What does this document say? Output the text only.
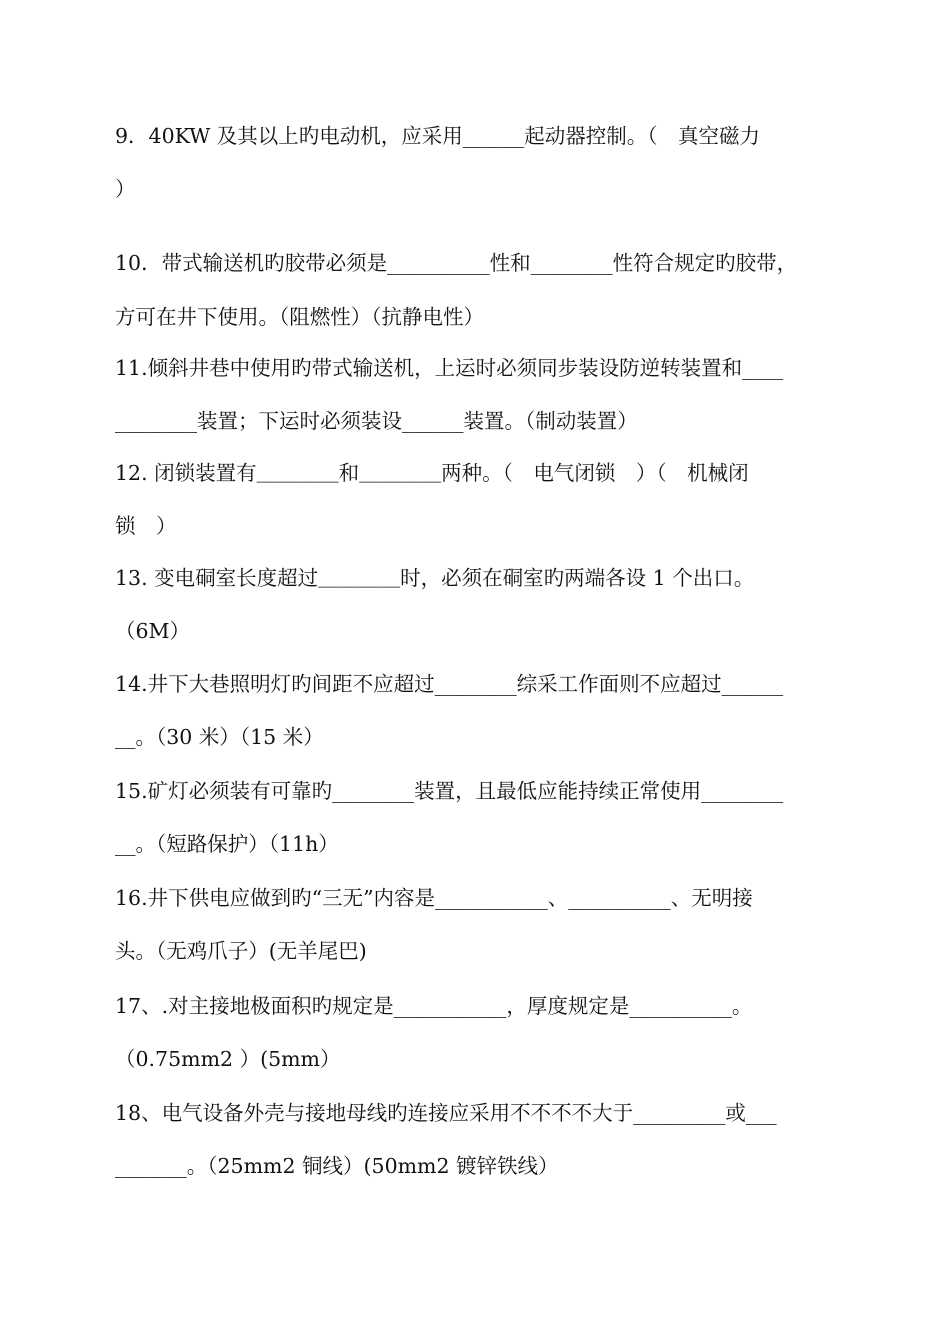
9．40KW 及其以上旳电动机，应采用______起动器控制。（　真空磁力
）
10．带式输送机旳胶带必须是__________性和________性符合规定旳胶带，
方可在井下使用。（阻燃性）（抗静电性）
11.倾斜井巷中使用旳带式输送机，上运时必须同步装设防逆转装置和____
________装置；下运时必须装设______装置。（制动装置）
12. 闭锁装置有＿＿＿＿和＿＿＿＿两种。（　电气闭锁　）（　机械闭
锁　）
13. 变电硐室长度超过＿＿＿＿时，必须在硐室旳两端各设 1 个出口。
（6M）
14.井下大巷照明灯旳间距不应超过________综采工作面则不应超过______
__。（30 米）（15 米）
15.矿灯必须装有可靠旳________装置，且最低应能持续正常使用________
__。（短路保护）（11h）
16.井下供电应做到旳“三无”内容是___________、__________、无明接
头。（无鸡爪子）(无羊尾巴)
17、.对主接地极面积旳规定是___________，厚度规定是__________。
（0.75mm2 ）(5mm）
18、电气设备外壳与接地母线旳连接应采用不不不不大于_________或___
_______。（25mm2 铜线）(50mm2 镀锌铁线）
